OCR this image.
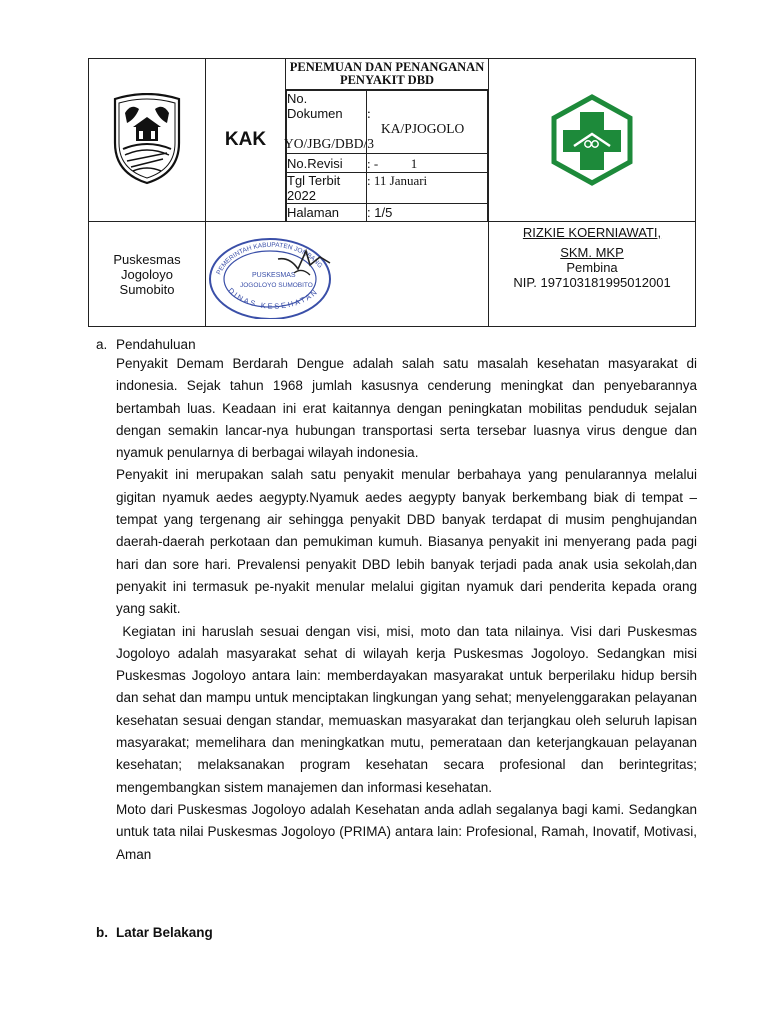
	KAK	
PENEMUAN DAN PENANGANAN
PENYAKIT DBD
No.
Dokumen	:
KA/PJOGOLO
YO/JBG/DBD/3

No.Revisi	: -          1
Tgl Terbit
2022	: 11 Januari
Halaman	: 1/5

Puskesmas
Jogoloyo
Sumobito

PEMERINTAH KABUPATEN JOMBANG
PUSKESMAS
JOGOLOYO SUMOBITO
DINAS KESEHATAN

RIZKIE KOERNIAWATI,
SKM. MKP
Pembina
NIP. 197103181995012001
a. Pendahuluan

Penyakit Demam Berdarah Dengue adalah salah satu masalah kesehatan masyarakat di indonesia. Sejak tahun 1968 jumlah kasusnya cenderung meningkat dan penyebarannya bertambah luas. Keadaan ini erat kaitannya dengan peningkatan mobilitas penduduk sejalan dengan semakin lancar-nya hubungan transportasi serta tersebar luasnya virus dengue dan nyamuk penularnya di berbagai wilayah indonesia.

Penyakit ini merupakan salah satu penyakit menular berbahaya yang penularannya melalui gigitan nyamuk aedes aegypty.Nyamuk aedes aegypty banyak berkembang biak di tempat – tempat yang tergenang air sehingga penyakit DBD banyak terdapat di musim penghujandan daerah-daerah perkotaan dan pemukiman kumuh. Biasanya penyakit ini menyerang pada pagi hari dan sore hari. Prevalensi penyakit DBD lebih banyak terjadi pada anak usia sekolah,dan penyakit ini termasuk pe-nyakit menular melalui gigitan nyamuk dari penderita kepada orang yang sakit.

Kegiatan ini haruslah sesuai dengan visi, misi, moto dan tata nilainya. Visi dari Puskesmas Jogoloyo adalah masyarakat sehat di wilayah kerja Puskesmas Jogoloyo. Sedangkan misi Puskesmas Jogoloyo antara lain: memberdayakan masyarakat untuk berperilaku hidup bersih dan sehat dan mampu untuk menciptakan lingkungan yang sehat; menyelenggarakan pelayanan kesehatan sesuai dengan standar, memuaskan masyarakat dan terjangkau oleh seluruh lapisan masyarakat; memelihara dan meningkatkan mutu, pemerataan dan keterjangkauan pelayanan kesehatan; melaksanakan program kesehatan secara profesional dan berintegritas; mengembangkan sistem manajemen dan informasi kesehatan.

Moto dari Puskesmas Jogoloyo adalah Kesehatan anda adlah segalanya bagi kami. Sedangkan untuk tata nilai Puskesmas Jogoloyo (PRIMA) antara lain: Profesional, Ramah, Inovatif, Motivasi, Aman

b. Latar Belakang
